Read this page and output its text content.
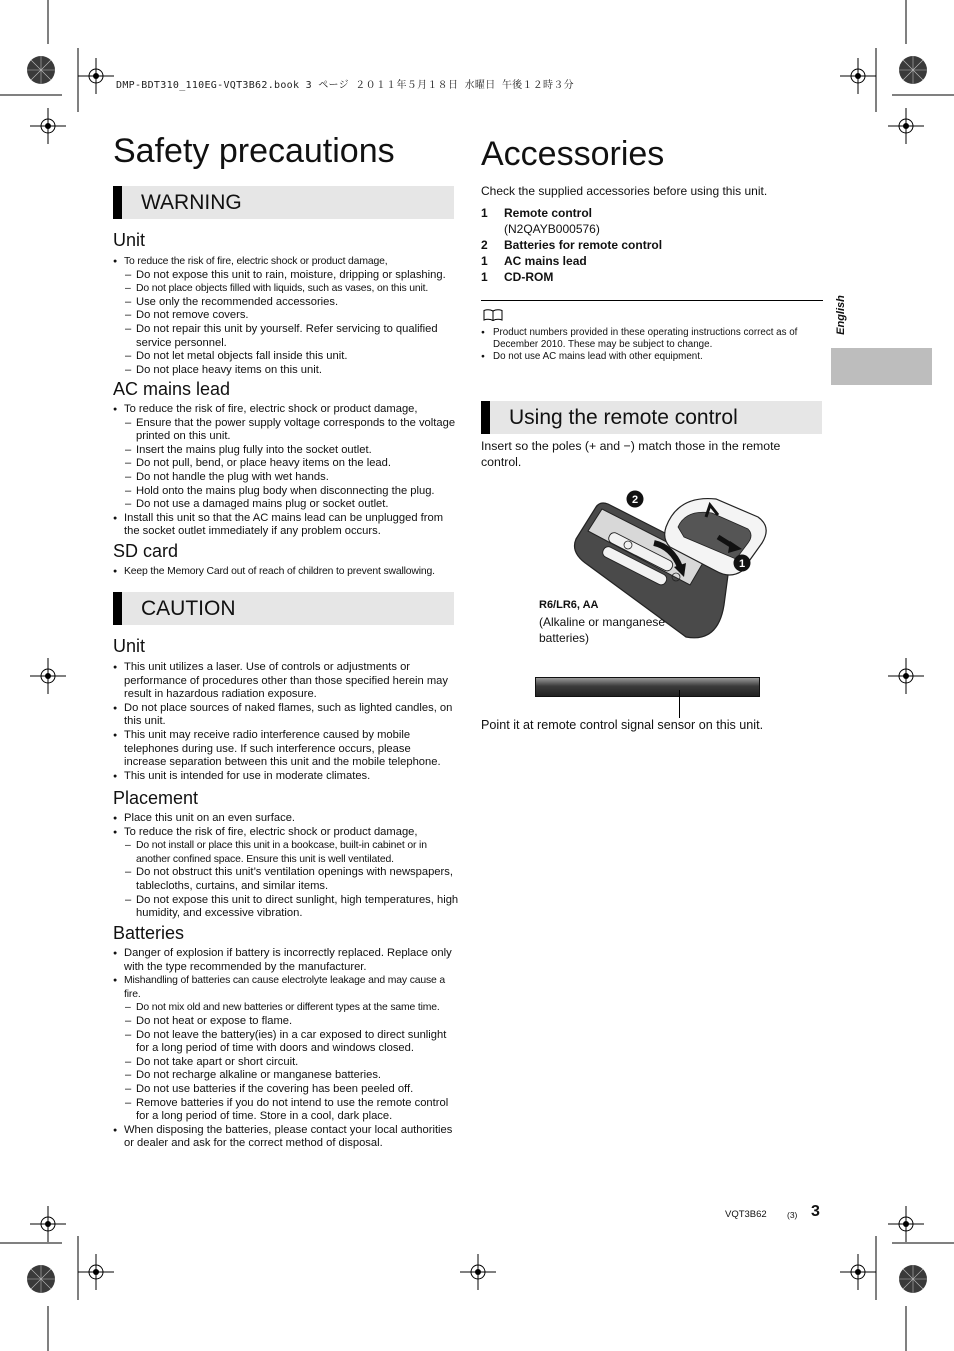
DMP-BDT310_110EG-VQT3B62.book 3 ページ ２０１１年５月１８日 水曜日 午後１２時３分
English
Safety precautions
WARNING
Unit
● To reduce the risk of fire, electric shock or product damage,
– Do not expose this unit to rain, moisture, dripping or splashing.
– Do not place objects filled with liquids, such as vases, on this unit.
– Use only the recommended accessories.
– Do not remove covers.
– Do not repair this unit by yourself. Refer servicing to qualified service personnel.
– Do not let metal objects fall inside this unit.
– Do not place heavy items on this unit.
AC mains lead
● To reduce the risk of fire, electric shock or product damage,
– Ensure that the power supply voltage corresponds to the voltage printed on this unit.
– Insert the mains plug fully into the socket outlet.
– Do not pull, bend, or place heavy items on the lead.
– Do not handle the plug with wet hands.
– Hold onto the mains plug body when disconnecting the plug.
– Do not use a damaged mains plug or socket outlet.
● Install this unit so that the AC mains lead can be unplugged from the socket outlet immediately if any problem occurs.
SD card
● Keep the Memory Card out of reach of children to prevent swallowing.
CAUTION
Unit
● This unit utilizes a laser. Use of controls or adjustments or performance of procedures other than those specified herein may result in hazardous radiation exposure.
● Do not place sources of naked flames, such as lighted candles, on this unit.
● This unit may receive radio interference caused by mobile telephones during use. If such interference occurs, please increase separation between this unit and the mobile telephone.
● This unit is intended for use in moderate climates.
Placement
● Place this unit on an even surface.
● To reduce the risk of fire, electric shock or product damage,
– Do not install or place this unit in a bookcase, built-in cabinet or in another confined space. Ensure this unit is well ventilated.
– Do not obstruct this unit’s ventilation openings with newspapers, tablecloths, curtains, and similar items.
– Do not expose this unit to direct sunlight, high temperatures, high humidity, and excessive vibration.
Batteries
● Danger of explosion if battery is incorrectly replaced. Replace only with the type recommended by the manufacturer.
● Mishandling of batteries can cause electrolyte leakage and may cause a fire.
– Do not mix old and new batteries or different types at the same time.
– Do not heat or expose to flame.
– Do not leave the battery(ies) in a car exposed to direct sunlight for a long period of time with doors and windows closed.
– Do not take apart or short circuit.
– Do not recharge alkaline or manganese batteries.
– Do not use batteries if the covering has been peeled off.
– Remove batteries if you do not intend to use the remote control for a long period of time. Store in a cool, dark place.
● When disposing the batteries, please contact your local authorities or dealer and ask for the correct method of disposal.
Accessories
Check the supplied accessories before using this unit.
1 Remote control
(N2QAYB000576)
2 Batteries for remote control
1 AC mains lead
1 CD-ROM
● Product numbers provided in these operating instructions correct as of December 2010. These may be subject to change.
● Do not use AC mains lead with other equipment.
Using the remote control
Insert so the poles (+ and −) match those in the remote control.
2
1
R6/LR6, AA
(Alkaline or manganese batteries)
Point it at remote control signal sensor on this unit.
VQT3B62 (3) 3
